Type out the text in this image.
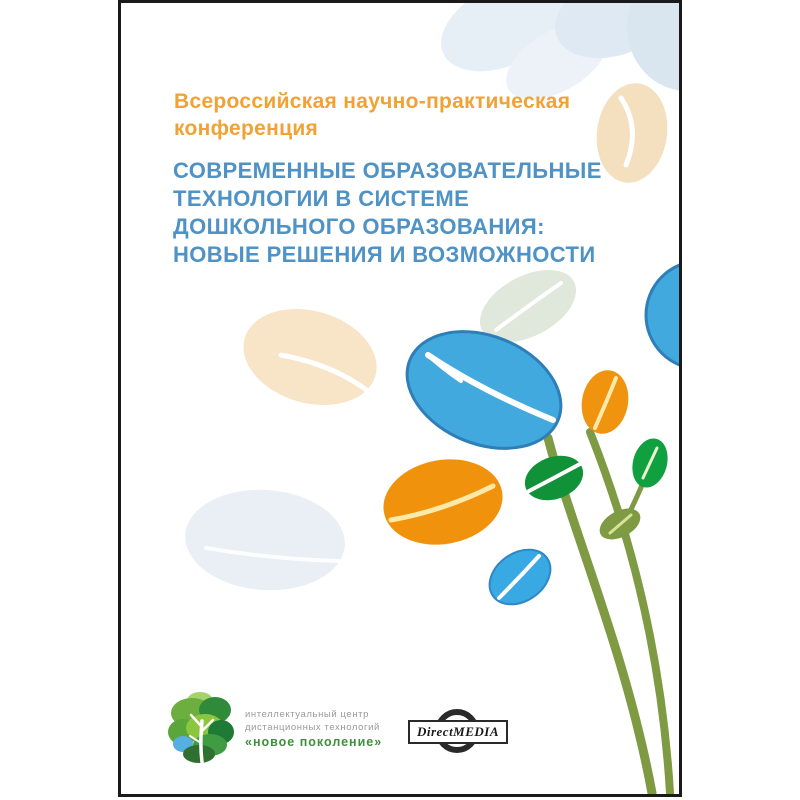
Всероссийская научно-практическая
конференция
СОВРЕМЕННЫЕ ОБРАЗОВАТЕЛЬНЫЕ
ТЕХНОЛОГИИ В СИСТЕМЕ
ДОШКОЛЬНОГО ОБРАЗОВАНИЯ:
НОВЫЕ РЕШЕНИЯ И ВОЗМОЖНОСТИ
интеллектуальный центр
дистанционных технологий
«новое поколение»
DirectMEDIA
